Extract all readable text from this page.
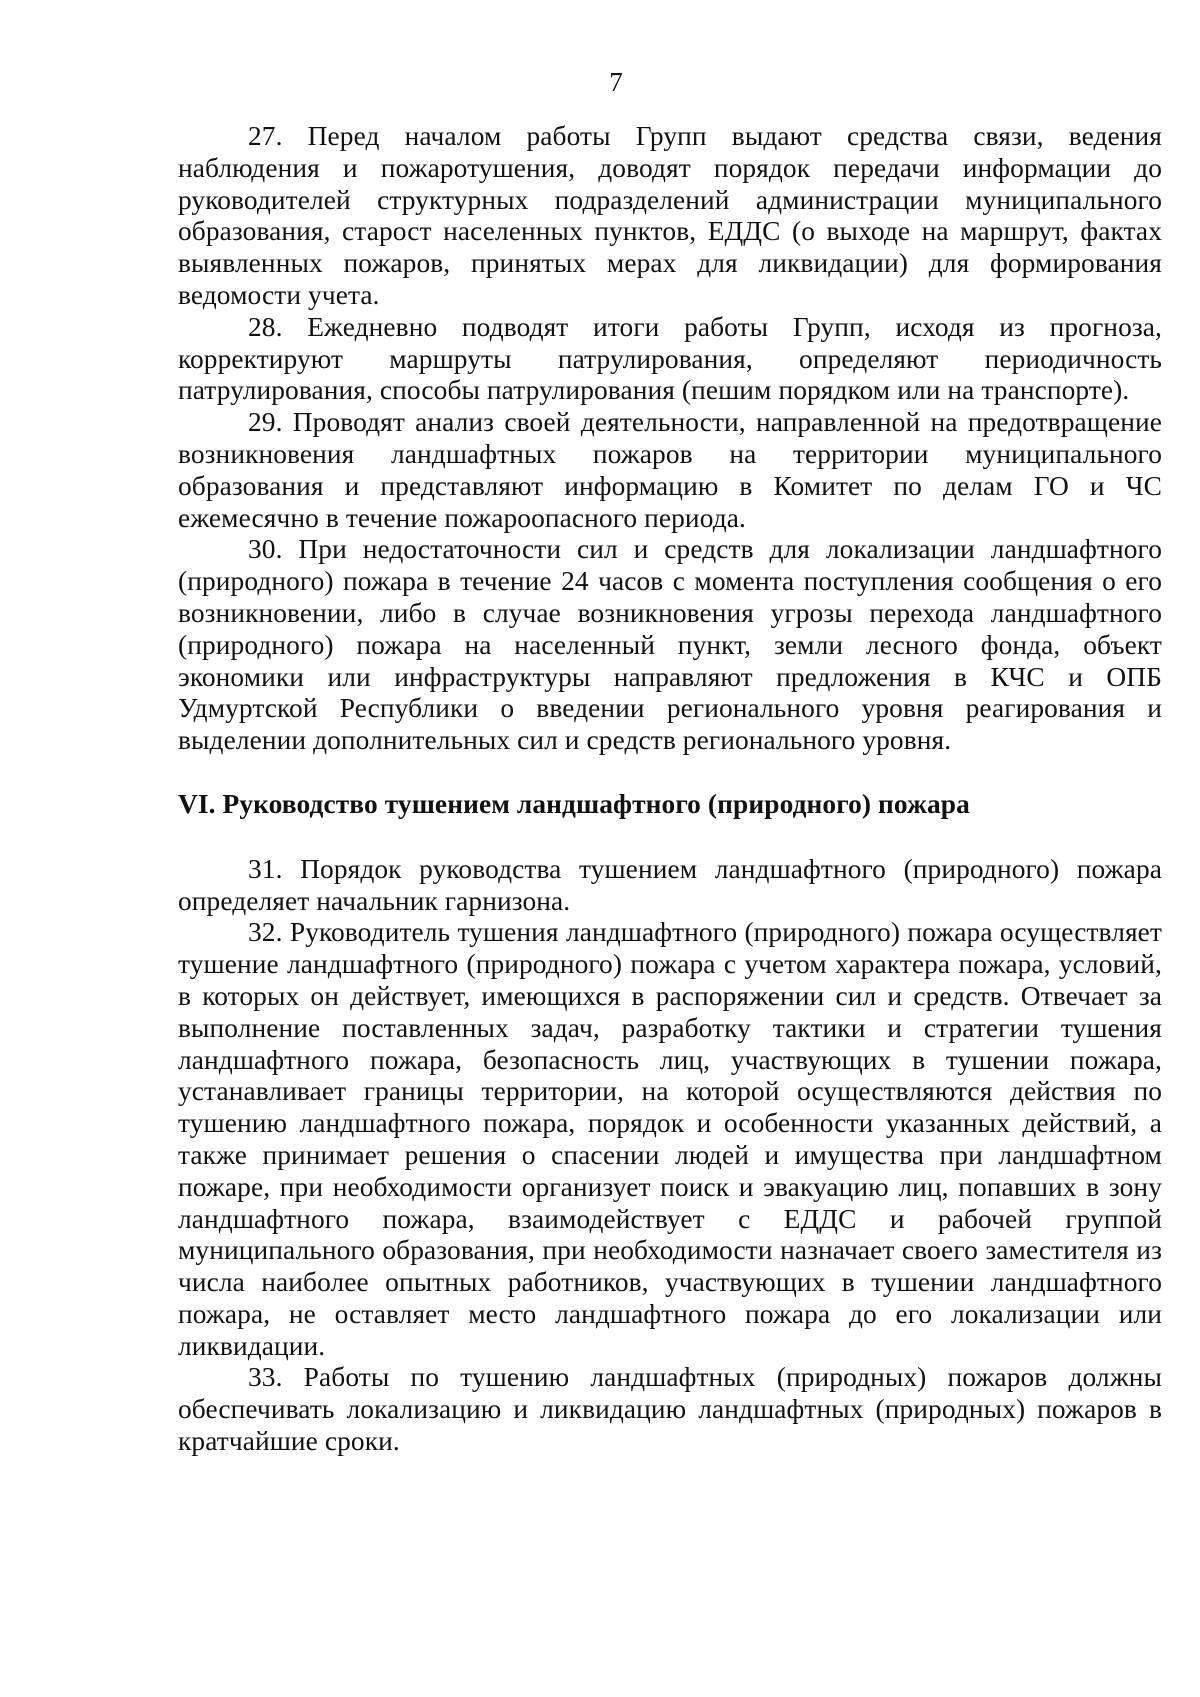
7

27. Перед началом работы Групп выдают средства связи, ведения наблюдения и пожаротушения, доводят порядок передачи информации до руководителей структурных подразделений администрации муниципального образования, старост населенных пунктов, ЕДДС (о выходе на маршрут, фактах выявленных пожаров, принятых мерах для ликвидации) для формирования ведомости учета.

28. Ежедневно подводят итоги работы Групп, исходя из прогноза, корректируют маршруты патрулирования, определяют периодичность патрулирования, способы патрулирования (пешим порядком или на транспорте).

29. Проводят анализ своей деятельности, направленной на предотвращение возникновения ландшафтных пожаров на территории муниципального образования и представляют информацию в Комитет по делам ГО и ЧС ежемесячно в течение пожароопасного периода.

30. При недостаточности сил и средств для локализации ландшафтного (природного) пожара в течение 24 часов с момента поступления сообщения о его возникновении, либо в случае возникновения угрозы перехода ландшафтного (природного) пожара на населенный пункт, земли лесного фонда, объект экономики или инфраструктуры направляют предложения в КЧС и ОПБ Удмуртской Республики о введении регионального уровня реагирования и выделении дополнительных сил и средств регионального уровня.

VI. Руководство тушением ландшафтного (природного) пожара

31. Порядок руководства тушением ландшафтного (природного) пожара определяет начальник гарнизона.

32. Руководитель тушения ландшафтного (природного) пожара осуществляет тушение ландшафтного (природного) пожара с учетом характера пожара, условий, в которых он действует, имеющихся в распоряжении сил и средств. Отвечает за выполнение поставленных задач, разработку тактики и стратегии тушения ландшафтного пожара, безопасность лиц, участвующих в тушении пожара, устанавливает границы территории, на которой осуществляются действия по тушению ландшафтного пожара, порядок и особенности указанных действий, а также принимает решения о спасении людей и имущества при ландшафтном пожаре, при необходимости организует поиск и эвакуацию лиц, попавших в зону ландшафтного пожара, взаимодействует с ЕДДС и рабочей группой муниципального образования, при необходимости назначает своего заместителя из числа наиболее опытных работников, участвующих в тушении ландшафтного пожара, не оставляет место ландшафтного пожара до его локализации или ликвидации.

33. Работы по тушению ландшафтных (природных) пожаров должны обеспечивать локализацию и ликвидацию ландшафтных (природных) пожаров в кратчайшие сроки.
